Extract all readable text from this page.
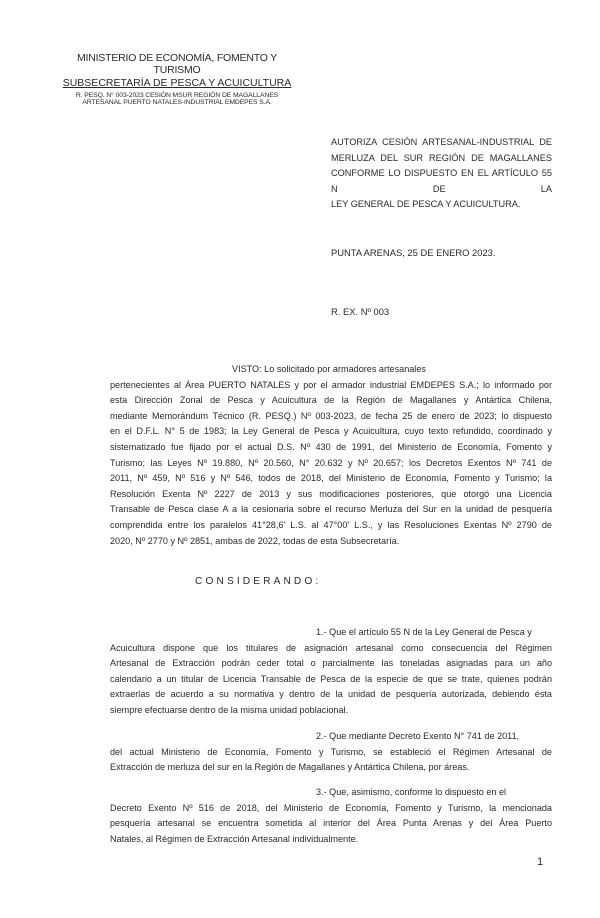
MINISTERIO DE ECONOMÍA, FOMENTO Y TURISMO
SUBSECRETARÍA DE PESCA Y ACUICULTURA
R. PESQ. N° 003-2023 CESIÓN MSUR REGIÓN DE MAGALLANES
ARTESANAL PUERTO NATALES-INDUSTRIAL EMDEPES S.A.
AUTORIZA CESIÓN ARTESANAL-INDUSTRIAL DE
MERLUZA DEL SUR REGIÓN DE MAGALLANES
CONFORME LO DISPUESTO EN EL ARTÍCULO 55 N DE LA
LEY GENERAL DE PESCA Y ACUICULTURA.
PUNTA ARENAS, 25 DE ENERO 2023.
R. EX. Nº 003
VISTO: Lo solicitado por armadores artesanales
pertenecientes al Área PUERTO NATALES y por el armador industrial EMDEPES S.A.; lo informado por
esta Dirección Zonal de Pesca y Acuicultura de la Región de Magallanes y Antártica Chilena,
mediante Memorándum Técnico (R. PESQ.) Nº 003-2023, de fecha 25 de enero de 2023; lo dispuesto
en el D.F.L. N° 5 de 1983; la Ley General de Pesca y Acuicultura, cuyo texto refundido, coordinado y
sistematizado fue fijado por el actual D.S. Nº 430 de 1991, del Ministerio de Economía, Fomento y
Turismo; las Leyes Nº 19.880, Nº 20.560, N° 20.632 y Nº 20.657; los Decretos Exentos Nº 741 de
2011, Nº 459, Nº 516 y Nº 546, todos de 2018, del Ministerio de Economía, Fomento y Turismo; la
Resolución Exenta Nº 2227 de 2013 y sus modificaciones posteriores, que otorgó una Licencia
Transable de Pesca clase A a la cesionaria sobre el recurso Merluza del Sur en la unidad de pesquería
comprendida entre los paralelos 41°28,6' L.S. al 47°00' L.S., y las Resoluciones Exentas Nº 2790 de
2020, Nº 2770 y Nº 2851, ambas de 2022, todas de esta Subsecretaría.
CONSIDERANDO:
1.- Que el artículo 55 N de la Ley General de Pesca y
Acuicultura dispone que los titulares de asignación artesanal como consecuencia del Régimen
Artesanal de Extracción podrán ceder total o parcialmente las toneladas asignadas para un año
calendario a un titular de Licencia Transable de Pesca de la especie de que se trate, quienes podrán
extraerlas de acuerdo a su normativa y dentro de la unidad de pesquería autorizada, debiendo ésta
siempre efectuarse dentro de la misma unidad poblacional.
2.- Que mediante Decreto Exento N° 741 de 2011,
del actual Ministerio de Economía, Fomento y Turismo, se estableció el Régimen Artesanal de
Extracción de merluza del sur en la Región de Magallanes y Antártica Chilena, por áreas.
3.- Que, asimismo, conforme lo dispuesto en el
Decreto Exento Nº 516 de 2018, del Ministerio de Economía, Fomento y Turismo, la mencionada
pesquería artesanal se encuentra sometida al interior del Área Punta Arenas y del Área Puerto
Natales, al Régimen de Extracción Artesanal individualmente.
1
